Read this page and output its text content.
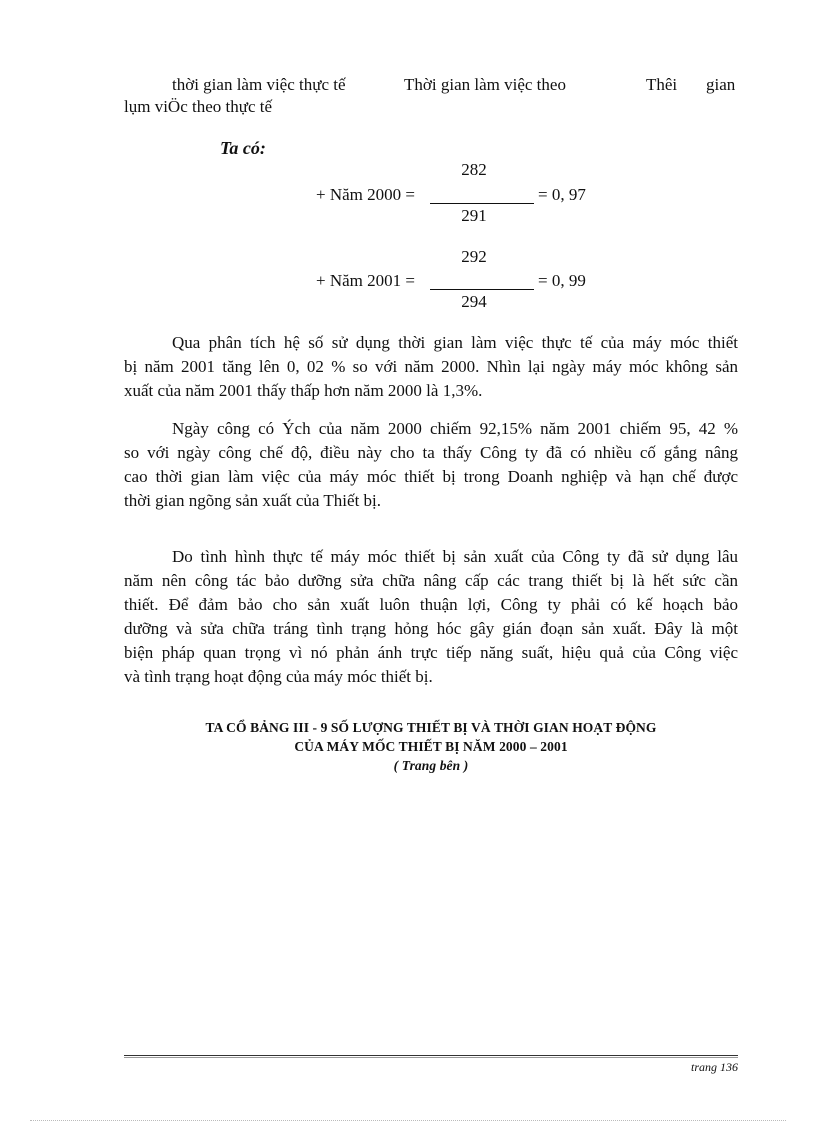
thời gian làm việc thực tế	Thời gian làm việc theo	Thêi gian
lụm viÖc theo thực tế
Ta có:
282
+ Năm 2000 =	= 0, 97
291
292
+ Năm 2001 =	= 0, 99
294
Qua phân tích hệ số sử dụng thời gian làm việc thực tế của máy móc thiết
bị năm 2001 tăng lên 0, 02 % so với năm 2000. Nhìn lại ngày máy móc không sản
xuất của năm 2001 thấy thấp hơn năm 2000 là 1,3%.
Ngày công có Ých của năm 2000 chiếm 92,15% năm 2001 chiếm 95, 42 %
so với ngày công chế độ, điều này cho ta thấy Công ty đã có nhiều cố gắng nâng
cao thời gian làm việc của máy móc thiết bị trong Doanh nghiệp và hạn chế được
thời gian ngõng sản xuất của Thiết bị.
Do tình hình thực tế máy móc thiết bị sản xuất của Công ty đã sử dụng lâu
năm nên công tác bảo dưỡng sửa chữa nâng cấp các trang thiết bị là hết sức cần
thiết. Để đảm bảo cho sản xuất luôn thuận lợi, Công ty phải có kế hoạch bảo
dưỡng và sửa chữa tráng tình trạng hỏng hóc gây gián đoạn sản xuất. Đây là một
biện pháp quan trọng vì nó phản ánh trực tiếp năng suất, hiệu quả của Công việc
và tình trạng hoạt động của máy móc thiết bị.
TA CỔ BẢNG III - 9 SỐ LƯỢNG THIẾT BỊ VÀ THỜI GIAN HOẠT ĐỘNG
CỦA MÁY MỐC THIẾT BỊ NĂM 2000 – 2001
( Trang bên )
trang 136
